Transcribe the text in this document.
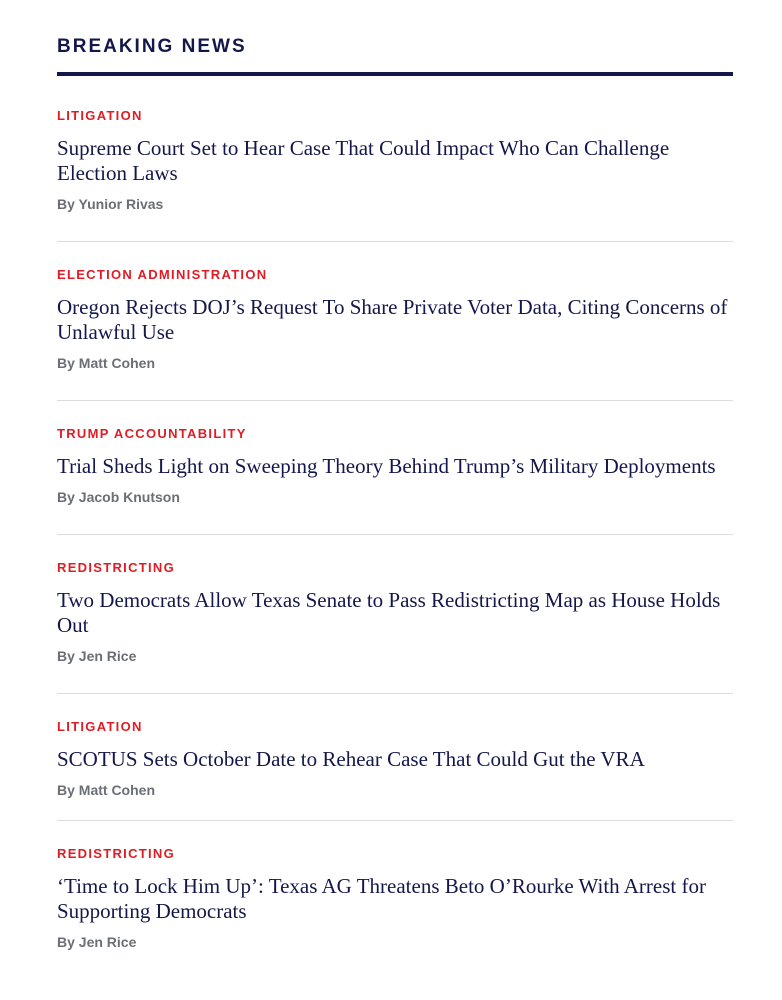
BREAKING NEWS
LITIGATION
Supreme Court Set to Hear Case That Could Impact Who Can Challenge Election Laws
By Yunior Rivas
ELECTION ADMINISTRATION
Oregon Rejects DOJ’s Request To Share Private Voter Data, Citing Concerns of Unlawful Use
By Matt Cohen
TRUMP ACCOUNTABILITY
Trial Sheds Light on Sweeping Theory Behind Trump’s Military Deployments
By Jacob Knutson
REDISTRICTING
Two Democrats Allow Texas Senate to Pass Redistricting Map as House Holds Out
By Jen Rice
LITIGATION
SCOTUS Sets October Date to Rehear Case That Could Gut the VRA
By Matt Cohen
REDISTRICTING
‘Time to Lock Him Up’: Texas AG Threatens Beto O’Rourke With Arrest for Supporting Democrats
By Jen Rice
